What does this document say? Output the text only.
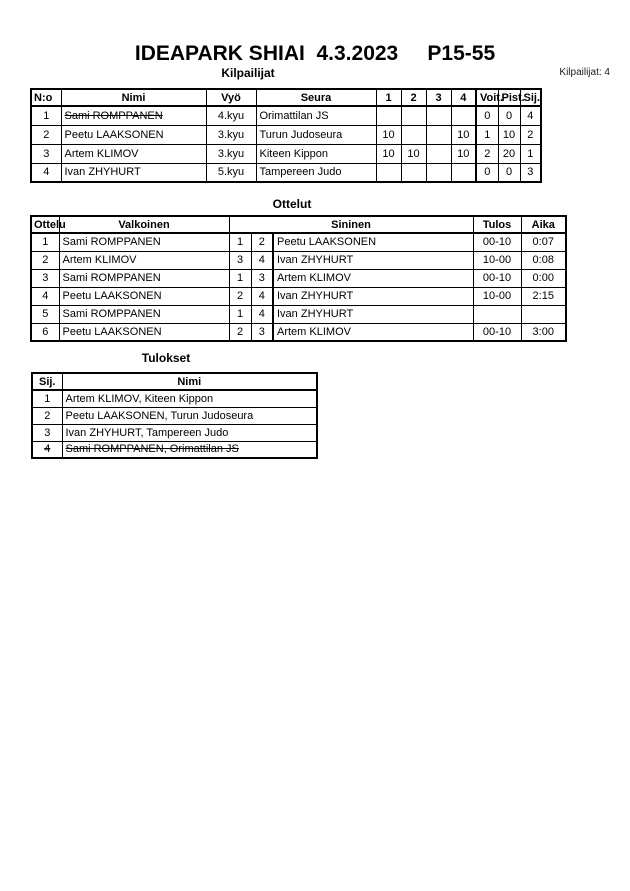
IDEAPARK SHIAI  4.3.2023     P15-55
Kilpailijat	Kilpailijat: 4
N:o	Nimi	Vyö	Seura	1	2	3	4	Voit.	Pist.	Sij.
1	Sami ROMPPANEN	4.kyu	Orimattilan JS					0	0	4
2	Peetu LAAKSONEN	3.kyu	Turun Judoseura	10			10	1	10	2
3	Artem KLIMOV	3.kyu	Kiteen Kippon	10	10		10	2	20	1
4	Ivan ZHYHURT	5.kyu	Tampereen Judo					0	0	3
Ottelut
Ottelu	Valkoinen	Sininen			Tulos	Aika
1	Sami ROMPPANEN	1	2	Peetu LAAKSONEN	00-10	0:07
2	Artem KLIMOV	3	4	Ivan ZHYHURT	10-00	0:08
3	Sami ROMPPANEN	1	3	Artem KLIMOV	00-10	0:00
4	Peetu LAAKSONEN	2	4	Ivan ZHYHURT	10-00	2:15
5	Sami ROMPPANEN	1	4	Ivan ZHYHURT		
6	Peetu LAAKSONEN	2	3	Artem KLIMOV	00-10	3:00
Tulokset
Sij.	Nimi
1	Artem KLIMOV, Kiteen Kippon
2	Peetu LAAKSONEN, Turun Judoseura
3	Ivan ZHYHURT, Tampereen Judo
4	Sami ROMPPANEN, Orimattilan JS
